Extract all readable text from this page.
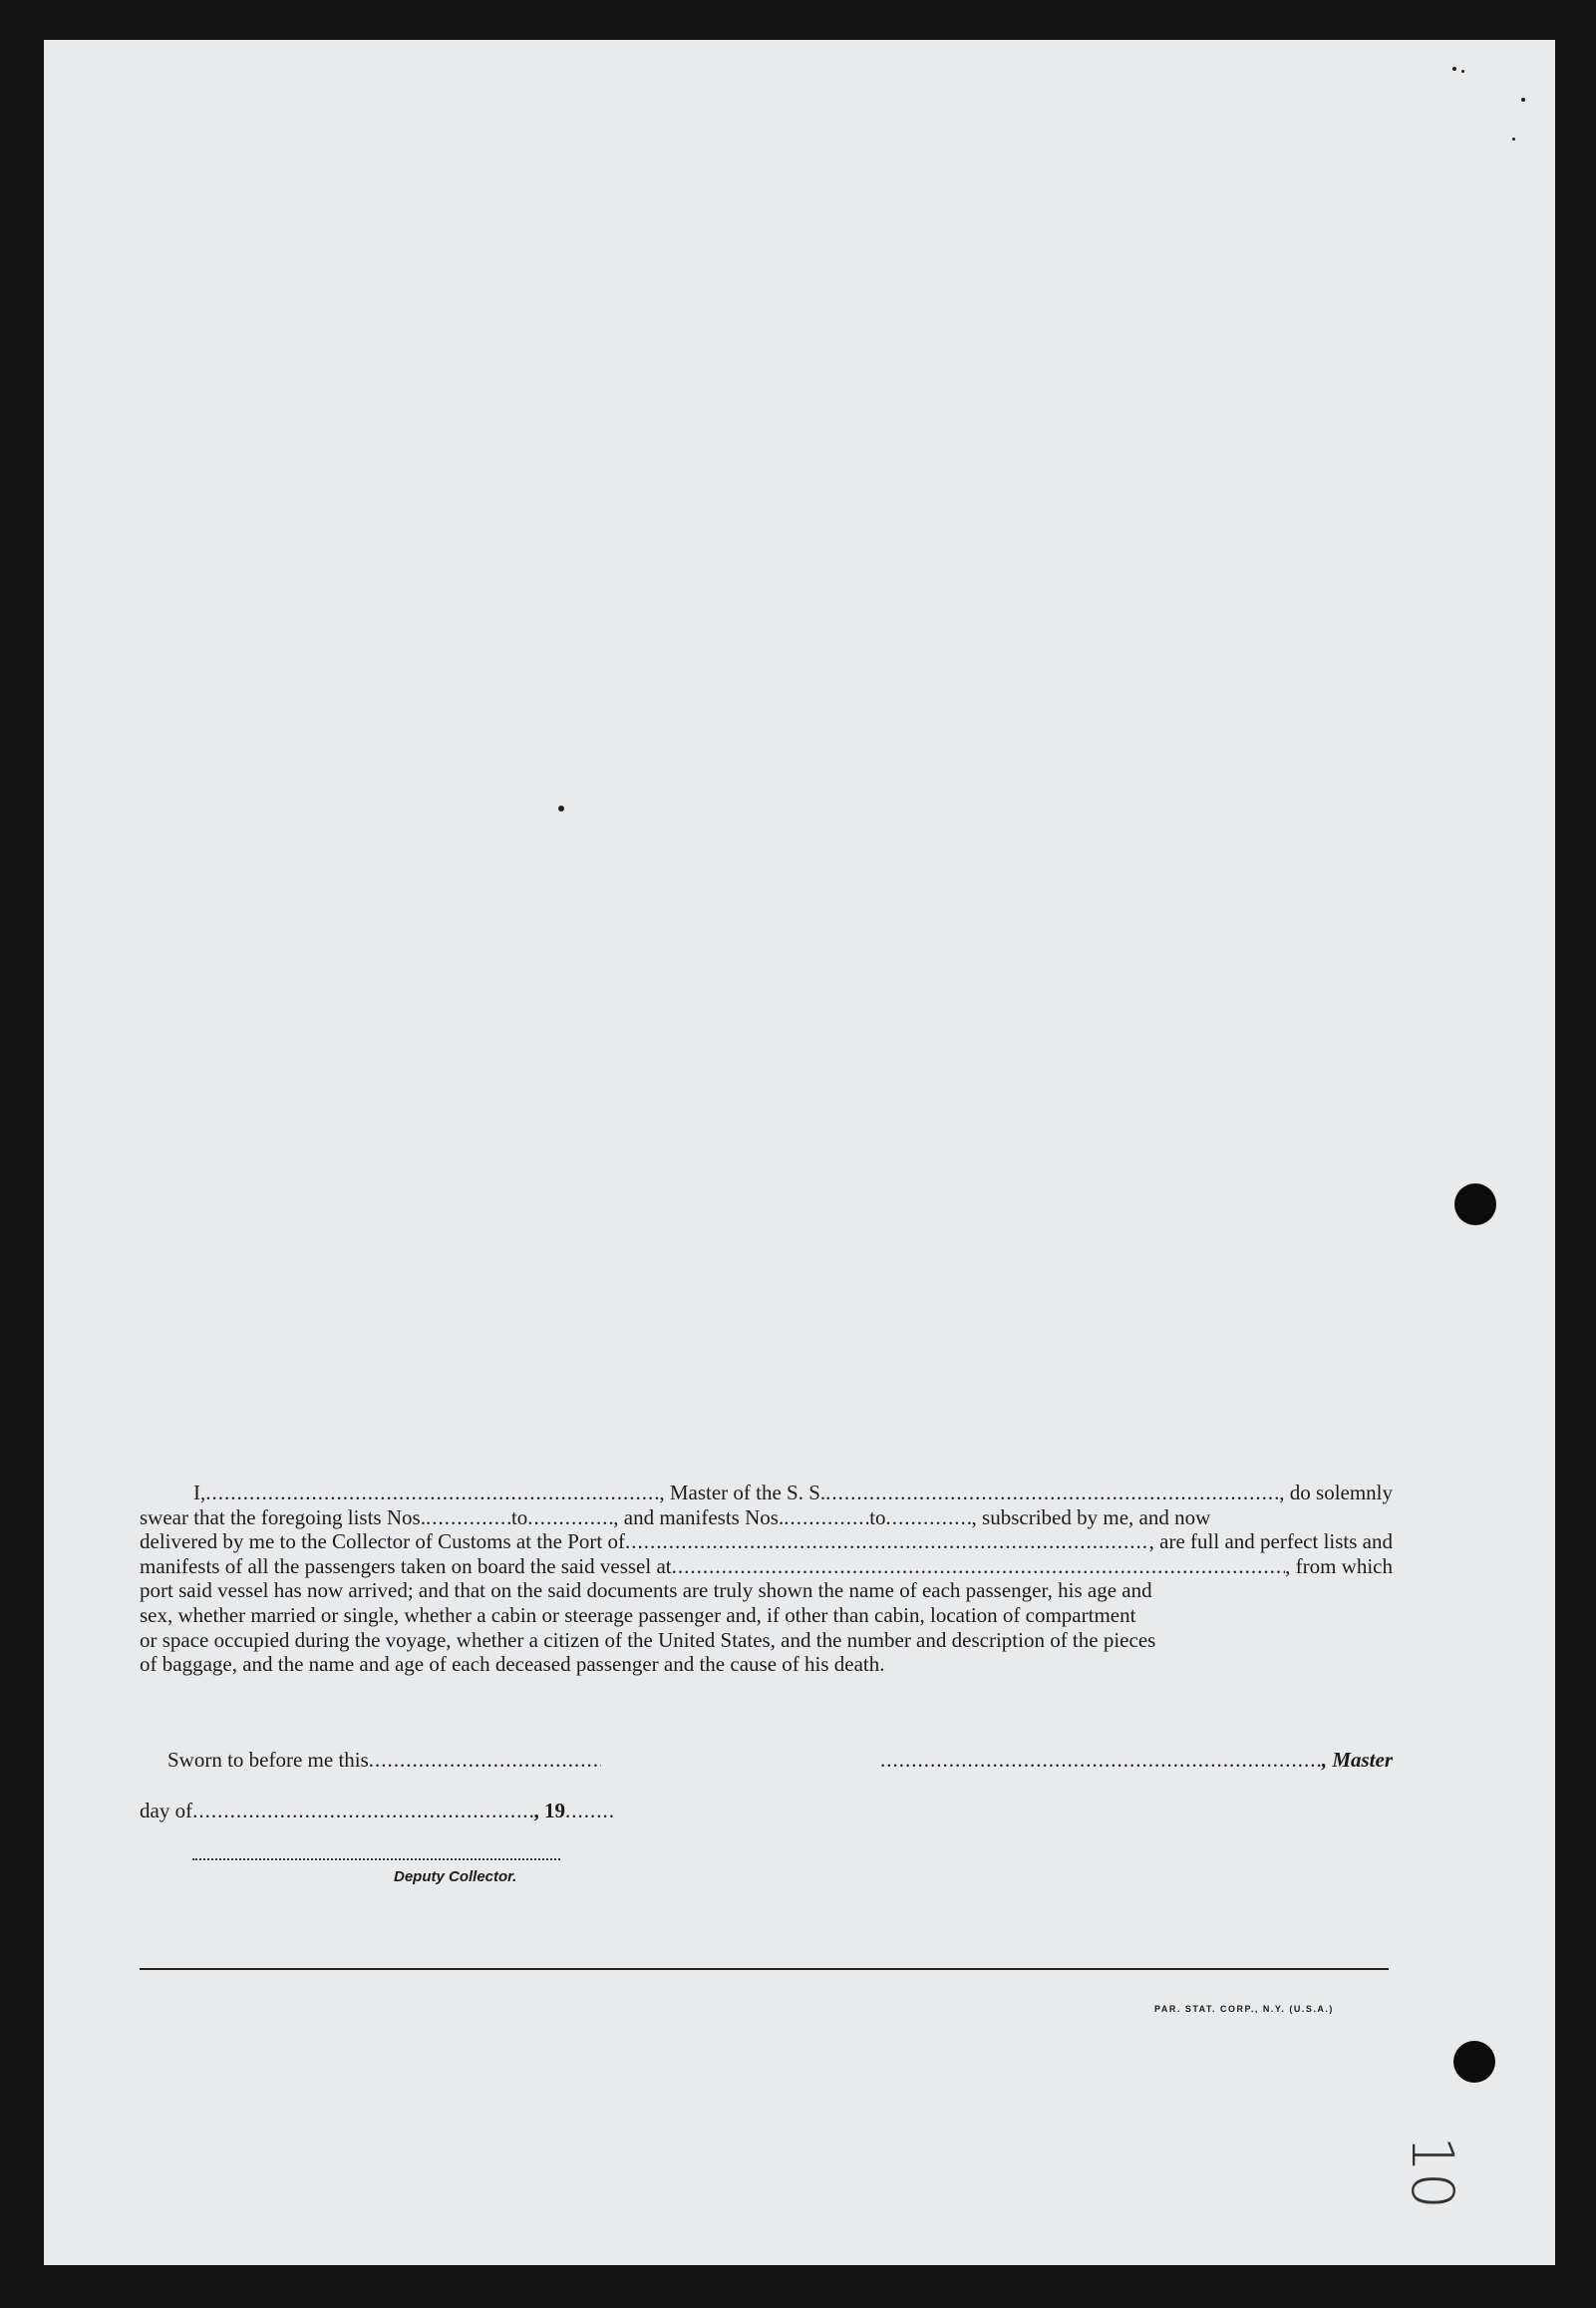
I, .....	, Master of the S. S. .....	, do solemnly
swear that the foregoing lists Nos. .....	to .....	, and manifests Nos. .....	to .....	, subscribed by me, and now
delivered by me to the Collector of Customs at the Port of .....	, are full and perfect lists and
manifests of all the passengers taken on board the said vessel at .....	, from which
port said vessel has now arrived; and that on the said documents are truly shown the name of each passenger, his age and
sex, whether married or single, whether a cabin or steerage passenger and, if other than cabin, location of compartment
or space occupied during the voyage, whether a citizen of the United States, and the number and description of the pieces
of baggage, and the name and age of each deceased passenger and the cause of his death.
Sworn to before me this ..... .....	, Master
day of .....	, 19
.....
Deputy Collector.
PAR. STAT. CORP., N.Y. (U.S.A.)
10
